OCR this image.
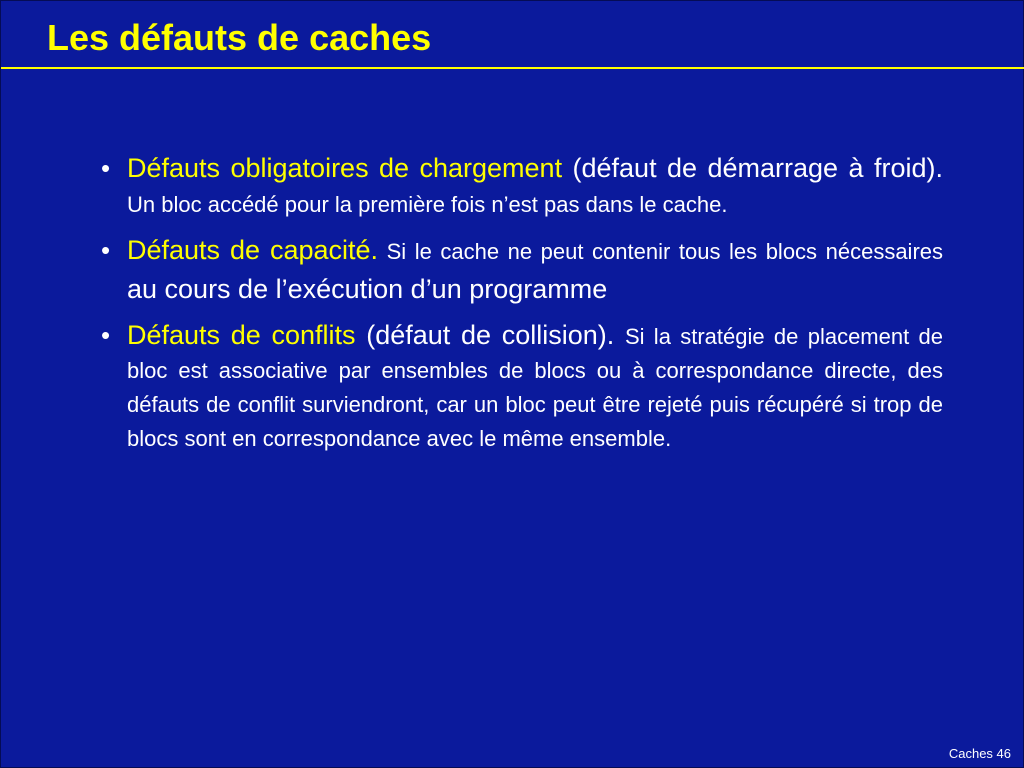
Les défauts de caches
• Défauts obligatoires de chargement (défaut de démarrage à froid). Un bloc accédé pour la première fois n’est pas dans le cache.
• Défauts de capacité. Si le cache ne peut contenir tous les blocs nécessaires au cours de l’exécution d’un programme
• Défauts de conflits (défaut de collision). Si la stratégie de placement de bloc est associative par ensembles de blocs ou à correspondance directe, des défauts de conflit surviendront, car un bloc peut être rejeté puis récupéré si trop de blocs sont en correspondance avec le même ensemble.
Caches 46
